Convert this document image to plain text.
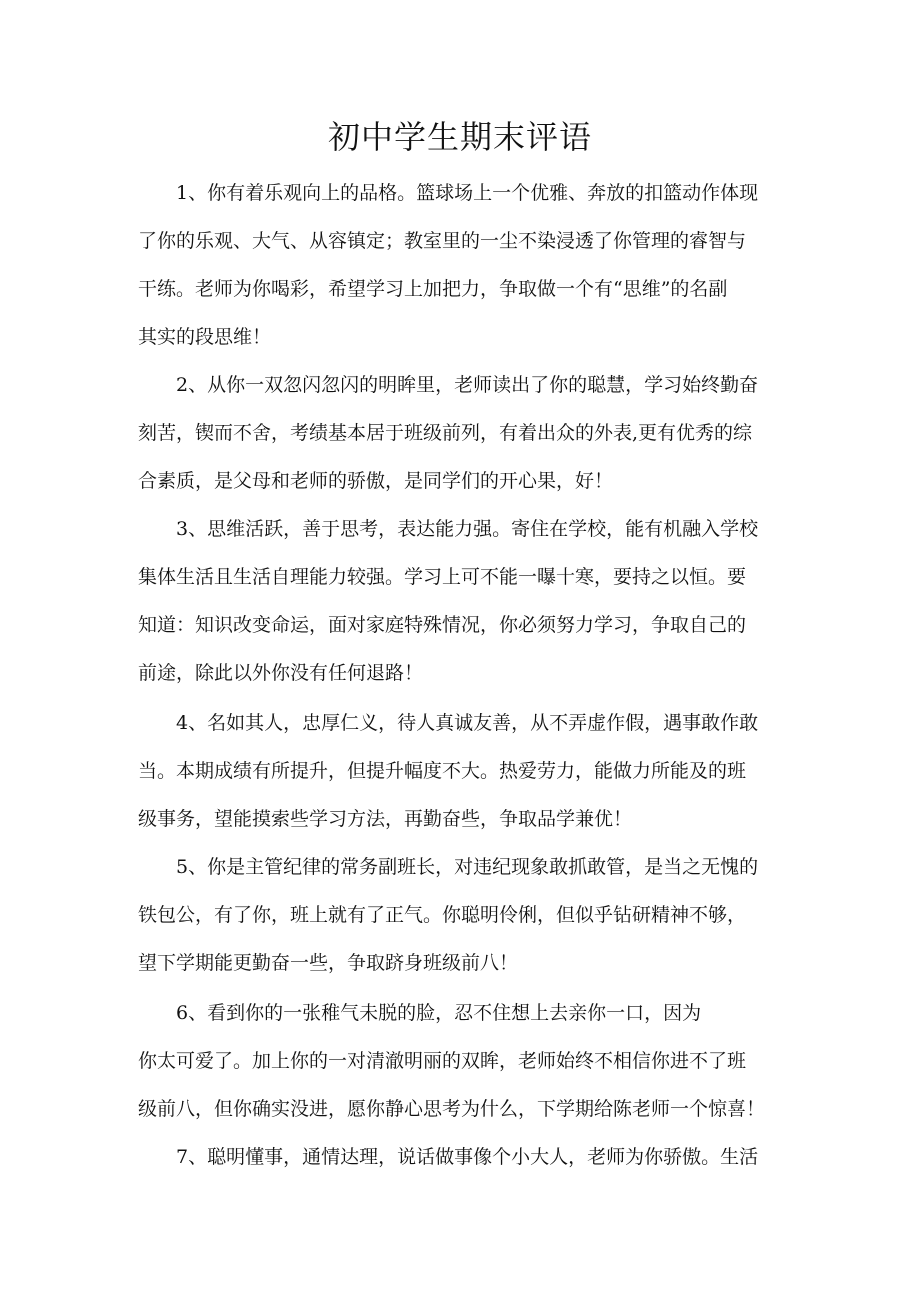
初中学生期末评语
1、你有着乐观向上的品格。篮球场上一个优雅、奔放的扣篮动作体现
了你的乐观、大气、从容镇定；教室里的一尘不染浸透了你管理的睿智与
干练。老师为你喝彩，希望学习上加把力，争取做一个有“思维”的名副
其实的段思维！
2、从你一双忽闪忽闪的明眸里，老师读出了你的聪慧，学习始终勤奋
刻苦，锲而不舍，考绩基本居于班级前列，有着出众的外表,更有优秀的综
合素质，是父母和老师的骄傲，是同学们的开心果，好！
3、思维活跃，善于思考，表达能力强。寄住在学校，能有机融入学校
集体生活且生活自理能力较强。学习上可不能一曝十寒，要持之以恒。要
知道：知识改变命运，面对家庭特殊情况，你必须努力学习，争取自己的
前途，除此以外你没有任何退路！
4、名如其人，忠厚仁义，待人真诚友善，从不弄虚作假，遇事敢作敢
当。本期成绩有所提升，但提升幅度不大。热爱劳力，能做力所能及的班
级事务，望能摸索些学习方法，再勤奋些，争取品学兼优！
5、你是主管纪律的常务副班长，对违纪现象敢抓敢管，是当之无愧的
铁包公，有了你，班上就有了正气。你聪明伶俐，但似乎钻研精神不够，
望下学期能更勤奋一些，争取跻身班级前八！
6、看到你的一张稚气未脱的脸，忍不住想上去亲你一口，因为
你太可爱了。加上你的一对清澈明丽的双眸，老师始终不相信你进不了班
级前八，但你确实没进，愿你静心思考为什么，下学期给陈老师一个惊喜！
7、聪明懂事，通情达理，说话做事像个小大人，老师为你骄傲。生活
